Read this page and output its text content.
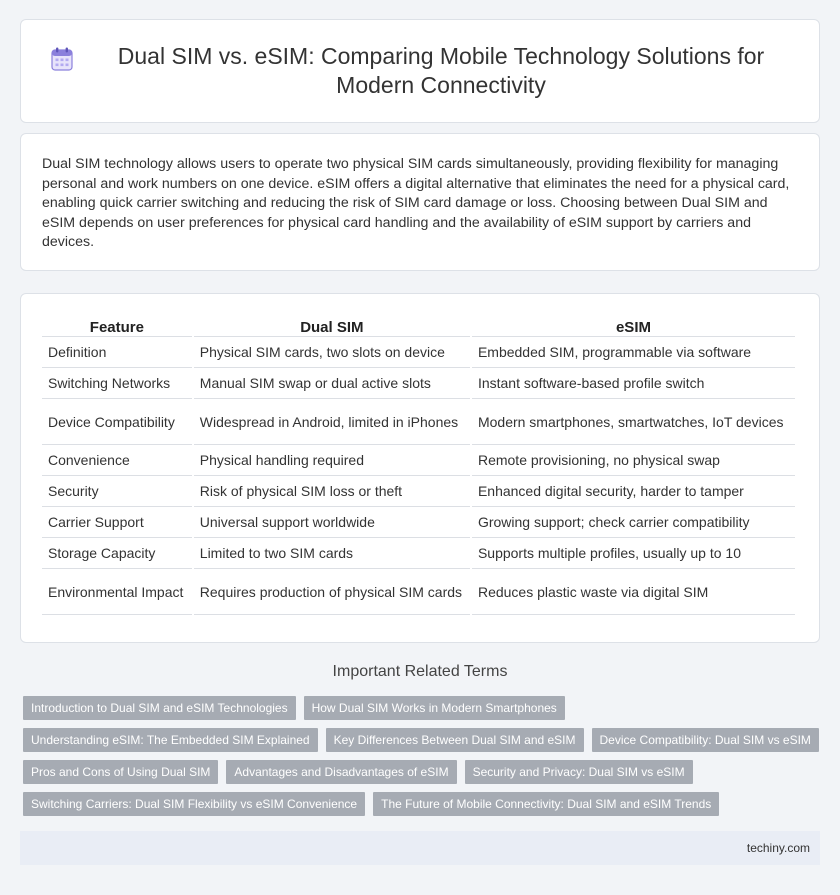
Dual SIM vs. eSIM: Comparing Mobile Technology Solutions for Modern Connectivity

Dual SIM technology allows users to operate two physical SIM cards simultaneously, providing flexibility for managing personal and work numbers on one device. eSIM offers a digital alternative that eliminates the need for a physical card, enabling quick carrier switching and reducing the risk of SIM card damage or loss. Choosing between Dual SIM and eSIM depends on user preferences for physical card handling and the availability of eSIM support by carriers and devices.

Feature	Dual SIM	eSIM
Definition	Physical SIM cards, two slots on device	Embedded SIM, programmable via software
Switching Networks	Manual SIM swap or dual active slots	Instant software-based profile switch
Device Compatibility	Widespread in Android, limited in iPhones	Modern smartphones, smartwatches, IoT devices
Convenience	Physical handling required	Remote provisioning, no physical swap
Security	Risk of physical SIM loss or theft	Enhanced digital security, harder to tamper
Carrier Support	Universal support worldwide	Growing support; check carrier compatibility
Storage Capacity	Limited to two SIM cards	Supports multiple profiles, usually up to 10
Environmental Impact	Requires production of physical SIM cards	Reduces plastic waste via digital SIM
Important Related Terms
Introduction to Dual SIM and eSIM Technologies	How Dual SIM Works in Modern Smartphones
Understanding eSIM: The Embedded SIM Explained	Key Differences Between Dual SIM and eSIM	Device Compatibility: Dual SIM vs eSIM
Pros and Cons of Using Dual SIM	Advantages and Disadvantages of eSIM	Security and Privacy: Dual SIM vs eSIM
Switching Carriers: Dual SIM Flexibility vs eSIM Convenience	The Future of Mobile Connectivity: Dual SIM and eSIM Trends
techiny.com
